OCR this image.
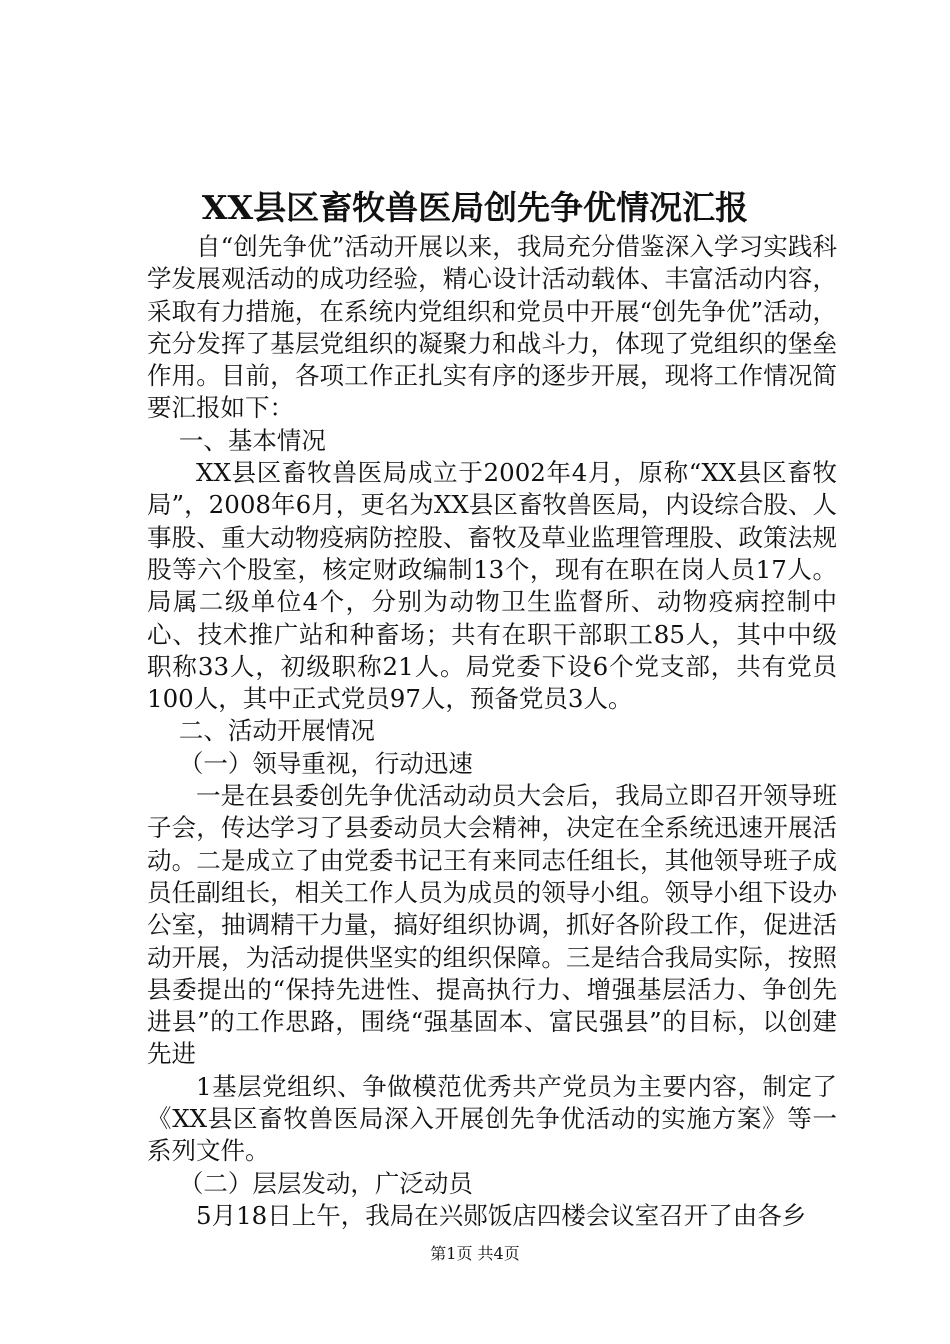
XX县区畜牧兽医局创先争优情况汇报

自“创先争优”活动开展以来，我局充分借鉴深入学习实践科学发展观活动的成功经验，精心设计活动载体、丰富活动内容，采取有力措施，在系统内党组织和党员中开展“创先争优”活动，充分发挥了基层党组织的凝聚力和战斗力，体现了党组织的堡垒作用。目前，各项工作正扎实有序的逐步开展，现将工作情况简要汇报如下：

一、基本情况

XX县区畜牧兽医局成立于2002年4月，原称“XX县区畜牧局”，2008年6月，更名为XX县区畜牧兽医局，内设综合股、人事股、重大动物疫病防控股、畜牧及草业监理管理股、政策法规股等六个股室，核定财政编制13个，现有在职在岗人员17人。局属二级单位4个，分别为动物卫生监督所、动物疫病控制中心、技术推广站和种畜场；共有在职干部职工85人，其中中级职称33人，初级职称21人。局党委下设6个党支部，共有党员100人，其中正式党员97人，预备党员3人。

二、活动开展情况

（一）领导重视，行动迅速

一是在县委创先争优活动动员大会后，我局立即召开领导班子会，传达学习了县委动员大会精神，决定在全系统迅速开展活动。二是成立了由党委书记王有来同志任组长，其他领导班子成员任副组长，相关工作人员为成员的领导小组。领导小组下设办公室，抽调精干力量，搞好组织协调，抓好各阶段工作，促进活动开展，为活动提供坚实的组织保障。三是结合我局实际，按照县委提出的“保持先进性、提高执行力、增强基层活力、争创先进县”的工作思路，围绕“强基固本、富民强县”的目标，以创建先进

1基层党组织、争做模范优秀共产党员为主要内容，制定了《XX县区畜牧兽医局深入开展创先争优活动的实施方案》等一系列文件。

（二）层层发动，广泛动员

5月18日上午，我局在兴郧饭店四楼会议室召开了由各乡

第1页 共4页
